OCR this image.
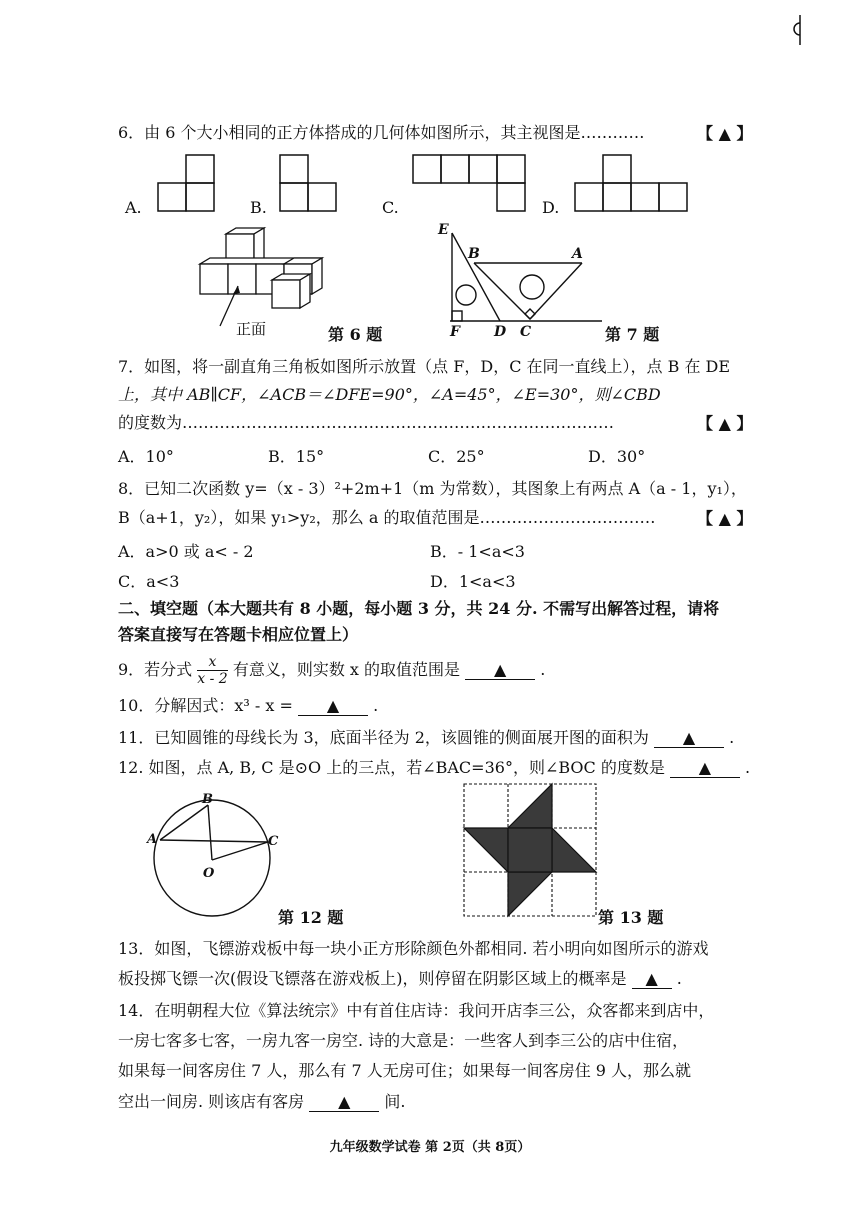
6．由 6 个大小相同的正方体搭成的几何体如图所示，其主视图是…………	【 ▲ 】
A.	B.	C.	D.
正面	第 6 题
E
B	A
F D C	第 7 题
7．如图，将一副直角三角板如图所示放置（点 F，D，C 在同一直线上），点 B 在 DE
上，其中 AB∥CF，∠ACB＝∠DFE=90°，∠A=45°，∠E=30°，则∠CBD
的度数为………………………………………………………………………	【 ▲ 】
A．10°	B．15°	C．25°	D．30°
8．已知二次函数 y=（x - 3）²+2m+1（m 为常数），其图象上有两点 A（a - 1，y₁），
B（a+1，y₂），如果 y₁>y₂，那么 a 的取值范围是……………………………	【 ▲ 】
A．a>0 或 a< - 2	B．- 1<a<3
C．a<3	D．1<a<3
二、填空题（本大题共有 8 小题，每小题 3 分，共 24 分. 不需写出解答过程，请将
答案直接写在答题卡相应位置上）
9．若分式 $\frac{x}{x - 2}$ 有意义，则实数 x 的取值范围是 ▲ .
10．分解因式：x³ - x = ▲ .
11．已知圆锥的母线长为 3，底面半径为 2，该圆锥的侧面展开图的面积为 ▲ .
12. 如图，点 A, B, C 是⊙O 上的三点，若∠BAC=36°，则∠BOC 的度数是 ▲ .
A
B
C
O
第 12 题	第 13 题
13．如图，飞镖游戏板中每一块小正方形除颜色外都相同. 若小明向如图所示的游戏
板投掷飞镖一次(假设飞镖落在游戏板上)，则停留在阴影区域上的概率是 ▲ .
14．在明朝程大位《算法统宗》中有首住店诗：我问开店李三公，众客都来到店中，
一房七客多七客，一房九客一房空. 诗的大意是：一些客人到李三公的店中住宿，
如果每一间客房住 7 人，那么有 7 人无房可住；如果每一间客房住 9 人，那么就
空出一间房. 则该店有客房 ▲ 间.
九年级数学试卷 第 2页（共 8页）
